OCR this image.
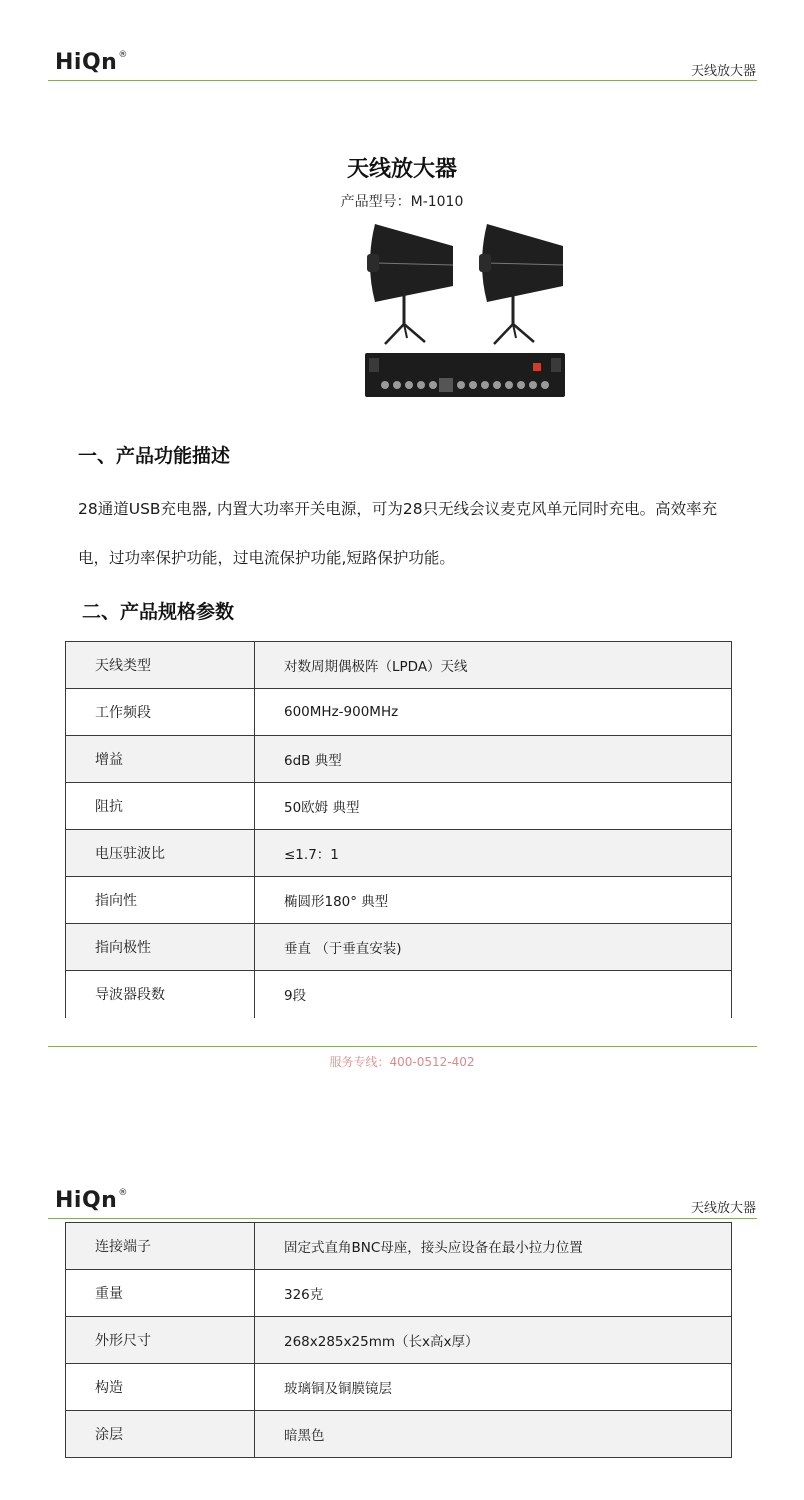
HiQn®
天线放大器
天线放大器
产品型号：M-1010
一、产品功能描述
28通道USB充电器, 内置大功率开关电源，可为28只无线会议麦克风单元同时充电。高效率充
电，过功率保护功能，过电流保护功能,短路保护功能。
二、产品规格参数
天线类型	对数周期偶极阵（LPDA）天线
工作频段	600MHz-900MHz
增益	6dB 典型
阻抗	50欧姆 典型
电压驻波比	≤1.7：1
指向性	椭圆形180° 典型
指向极性	垂直 （于垂直安装)
导波器段数	9段
服务专线：400-0512-402
HiQn®
天线放大器
连接端子	固定式直角BNC母座，接头应设备在最小拉力位置
重量	326克
外形尺寸	268x285x25mm（长x高x厚）
构造	玻璃铜及铜膜镜层
涂层	暗黑色
